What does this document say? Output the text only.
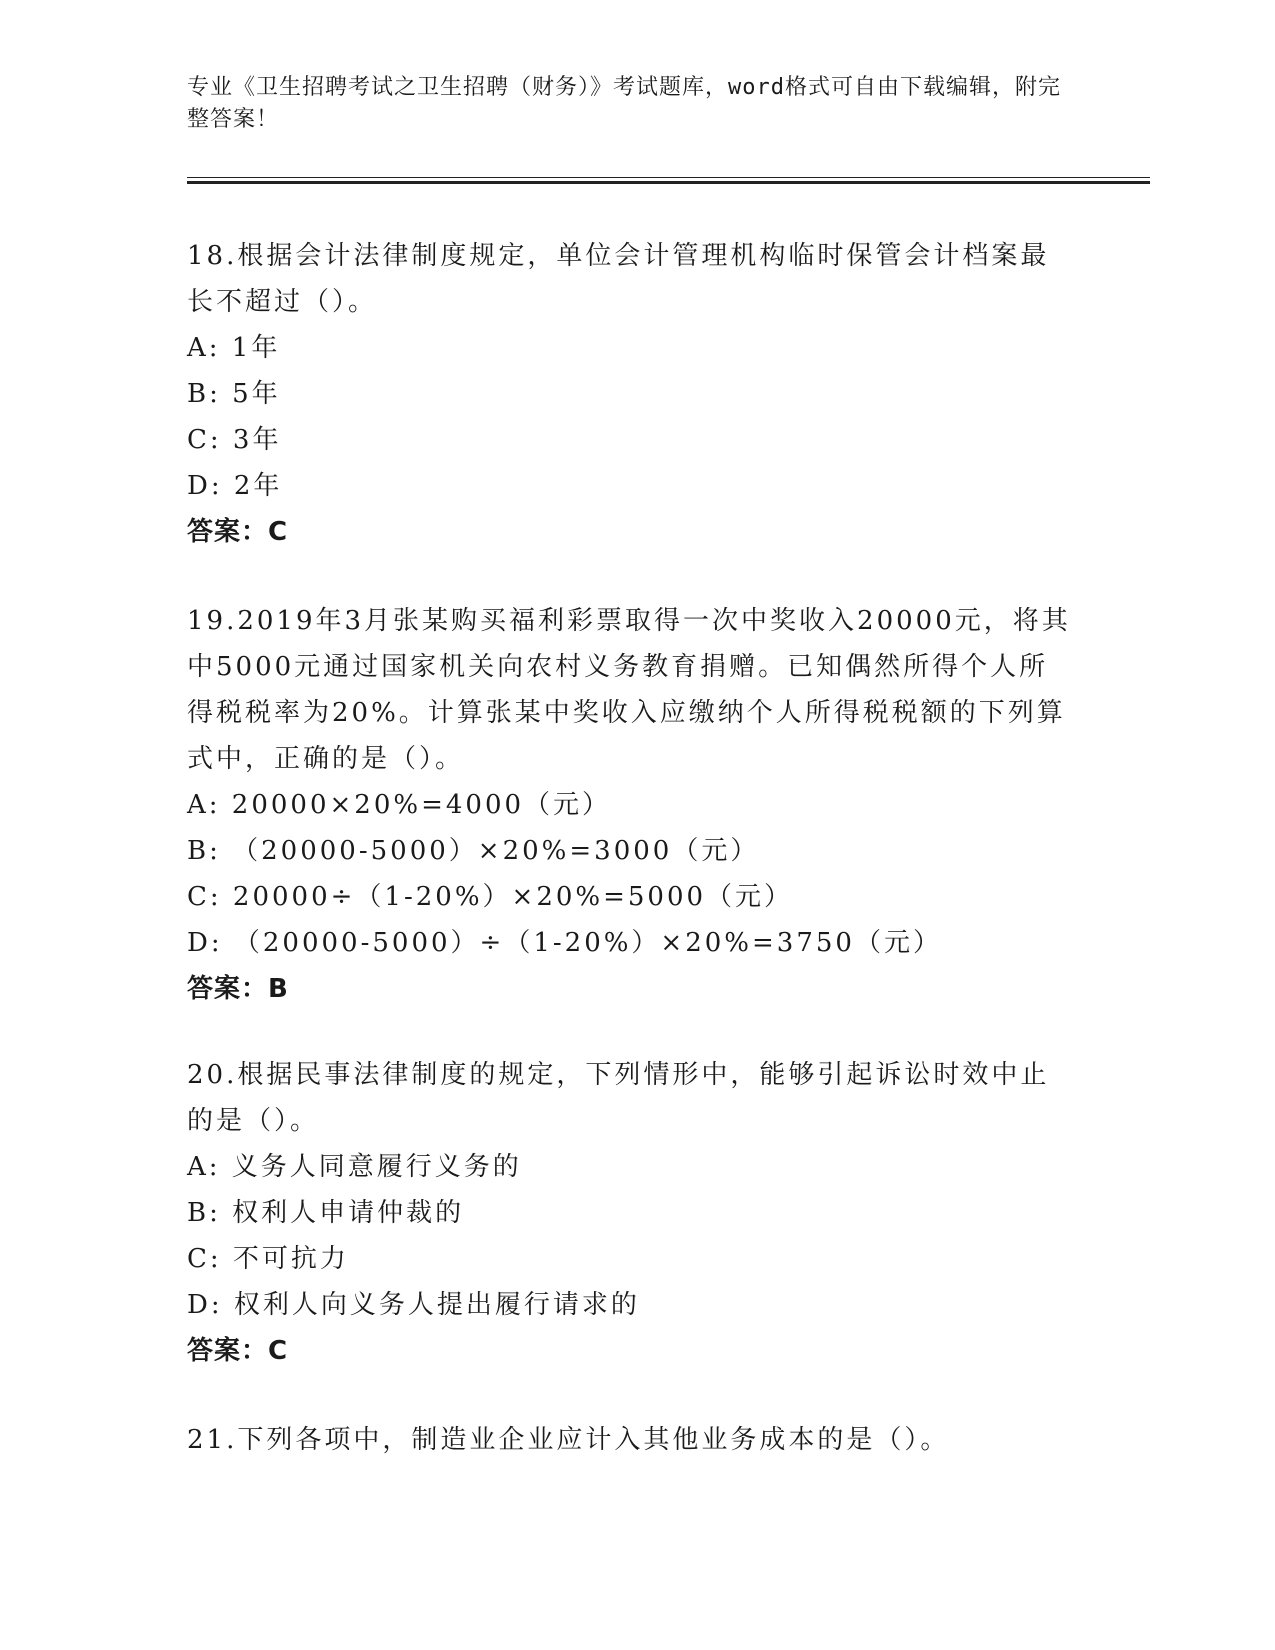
专业《卫生招聘考试之卫生招聘（财务）》考试题库，word格式可自由下载编辑，附完整答案！
18.根据会计法律制度规定，单位会计管理机构临时保管会计档案最长不超过（）。
A: 1年
B: 5年
C: 3年
D: 2年
答案：C
19.2019年3月张某购买福利彩票取得一次中奖收入20000元，将其中5000元通过国家机关向农村义务教育捐赠。已知偶然所得个人所得税税率为20%。计算张某中奖收入应缴纳个人所得税税额的下列算式中，正确的是（）。
A: 20000×20%=4000（元）
B: （20000-5000）×20%=3000（元）
C: 20000÷（1-20%）×20%=5000（元）
D: （20000-5000）÷（1-20%）×20%=3750（元）
答案：B
20.根据民事法律制度的规定，下列情形中，能够引起诉讼时效中止的是（）。
A: 义务人同意履行义务的
B: 权利人申请仲裁的
C: 不可抗力
D: 权利人向义务人提出履行请求的
答案：C
21.下列各项中，制造业企业应计入其他业务成本的是（）。
